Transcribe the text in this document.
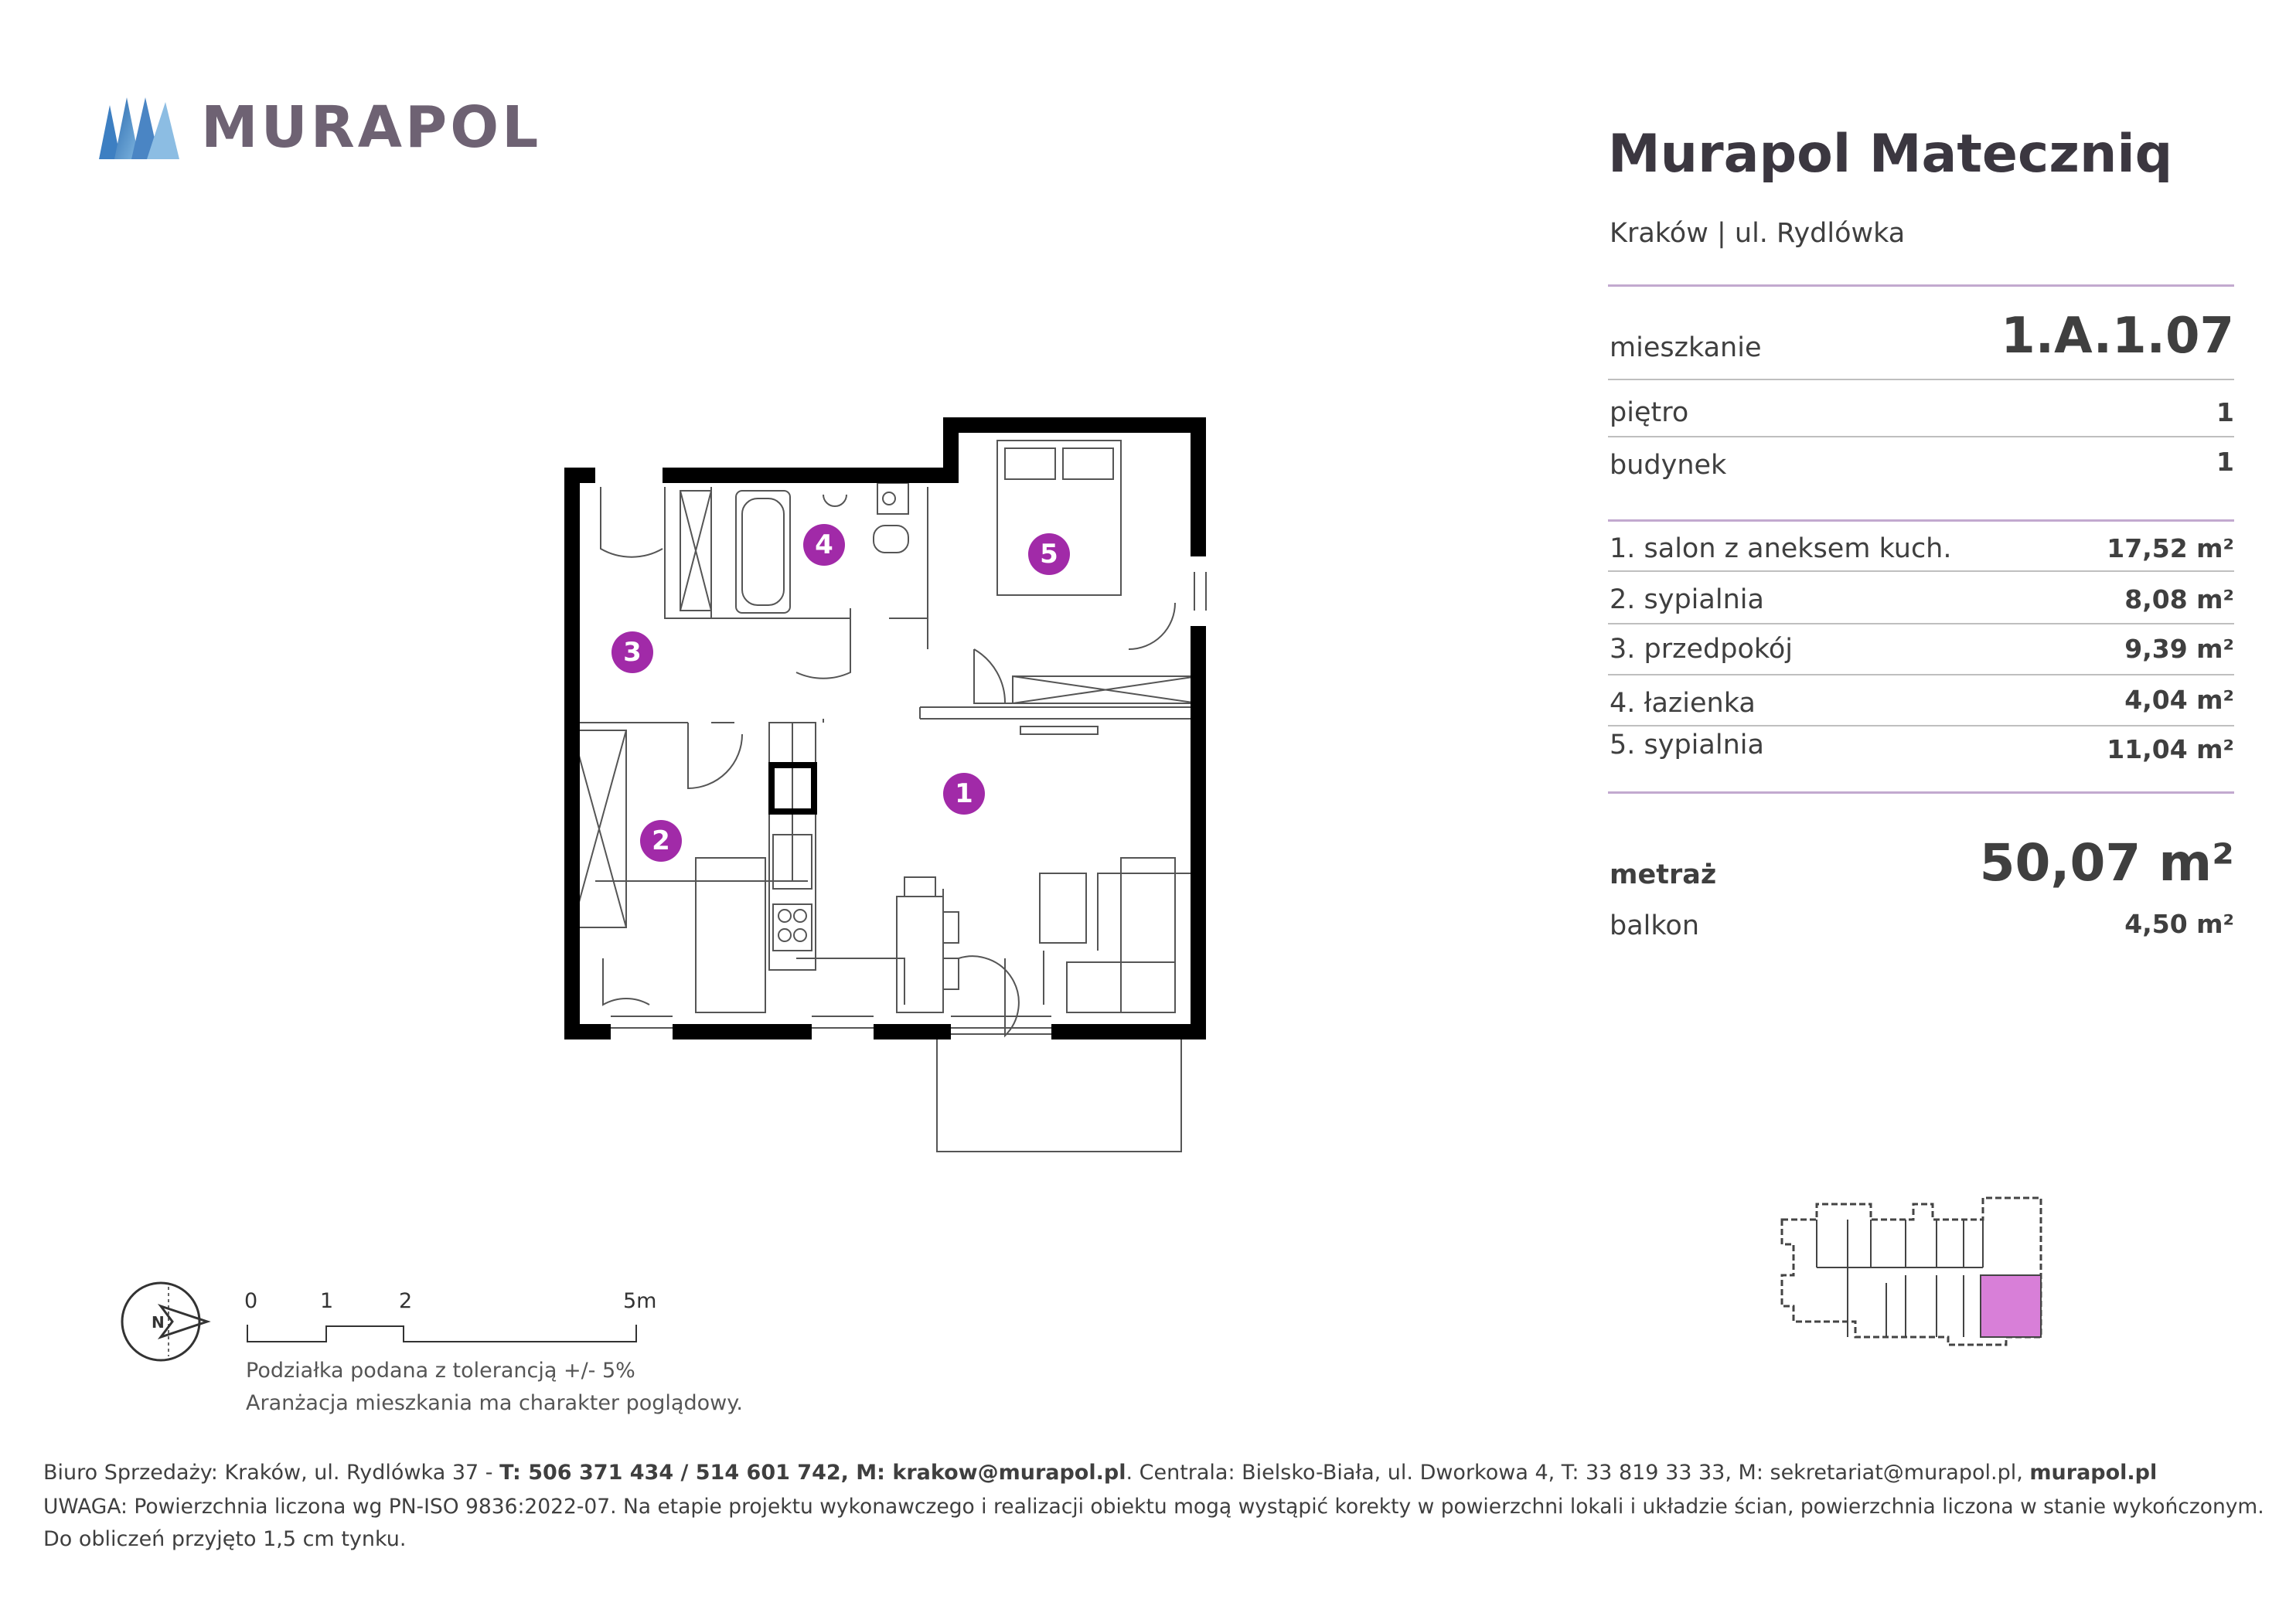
MURAPOL
1
2
3
4	5
Murapol Mateczniq
Kraków | ul. Rydlówka
mieszkanie	1.A.1.07
piętro	1
budynek	1
1. salon z aneksem kuch.	17,52 m²
2. sypialnia	8,08 m²
3. przedpokój	9,39 m²
4. łazienka	4,04 m²
5. sypialnia	11,04 m²
metraż	50,07 m²
balkon	4,50 m²
N
0	1	2	5m
Podziałka podana z tolerancją +/- 5%
Aranżacja mieszkania ma charakter poglądowy.
Biuro Sprzedaży: Kraków, ul. Rydlówka 37 - T: 506 371 434 / 514 601 742, M: krakow@murapol.pl. Centrala: Bielsko-Biała, ul. Dworkowa 4, T: 33 819 33 33, M: sekretariat@murapol.pl, murapol.pl
UWAGA: Powierzchnia liczona wg PN-ISO 9836:2022-07. Na etapie projektu wykonawczego i realizacji obiektu mogą wystąpić korekty w powierzchni lokali i układzie ścian, powierzchnia liczona w stanie wykończonym.
Do obliczeń przyjęto 1,5 cm tynku.
